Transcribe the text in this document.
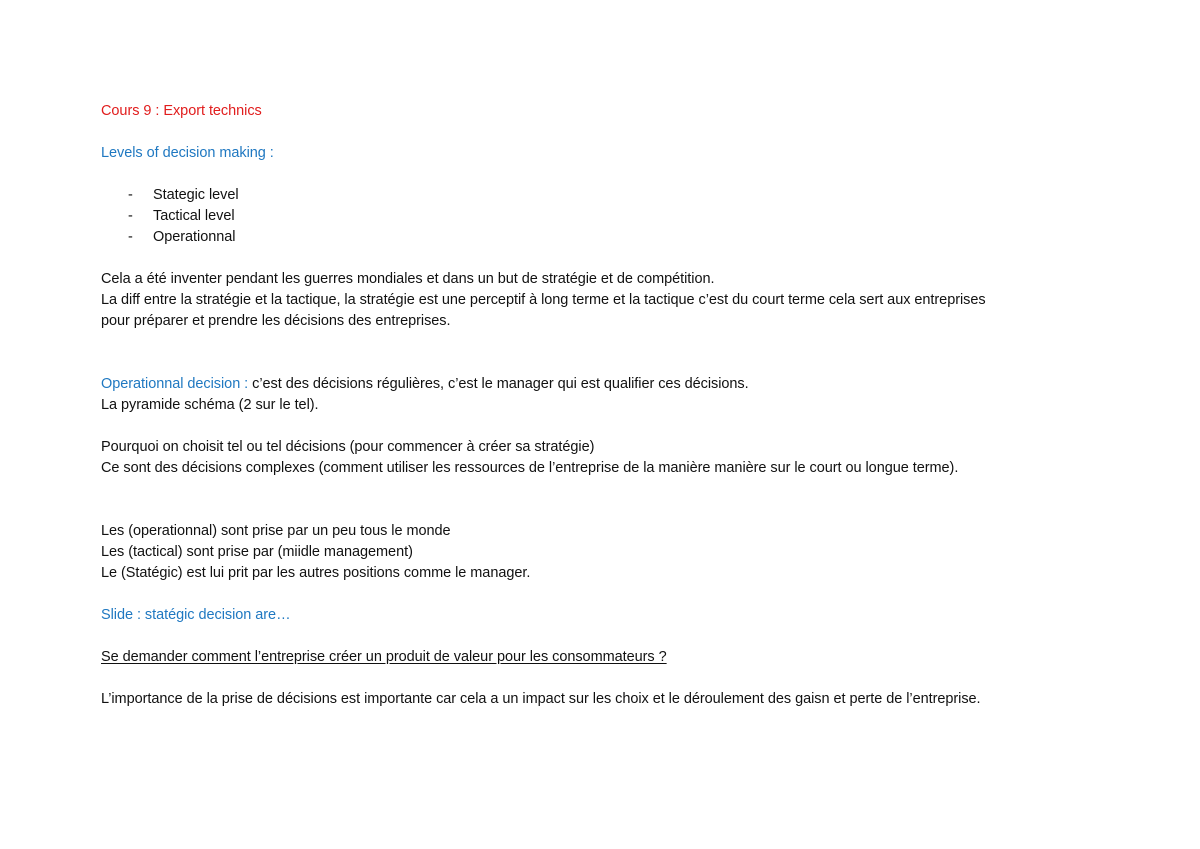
Cours 9 : Export technics

Levels of decision making :

- Stategic level
- Tactical level
- Operationnal

Cela a été inventer pendant les guerres mondiales et dans un but de stratégie et de compétition.

La diff entre la stratégie et la tactique, la stratégie est une perceptif à long terme et la tactique c’est du court terme cela sert aux entreprises

pour préparer et prendre les décisions des entreprises.

Operationnal decision : c’est des décisions régulières, c’est le manager qui est qualifier ces décisions.

La pyramide schéma (2 sur le tel).

Pourquoi on choisit tel ou tel décisions (pour commencer à créer sa stratégie)

Ce sont des décisions complexes (comment utiliser les ressources de l’entreprise de la manière manière sur le court ou longue terme).

Les (operationnal) sont prise par un peu tous le monde

Les (tactical) sont prise par (miidle management)

Le (Statégic) est lui prit par les autres positions comme le manager.

Slide : statégic decision are…

Se demander comment l’entreprise créer un produit de valeur pour les consommateurs ?

L’importance de la prise de décisions est importante car cela a un impact sur les choix et le déroulement des gaisn et perte de l’entreprise.
